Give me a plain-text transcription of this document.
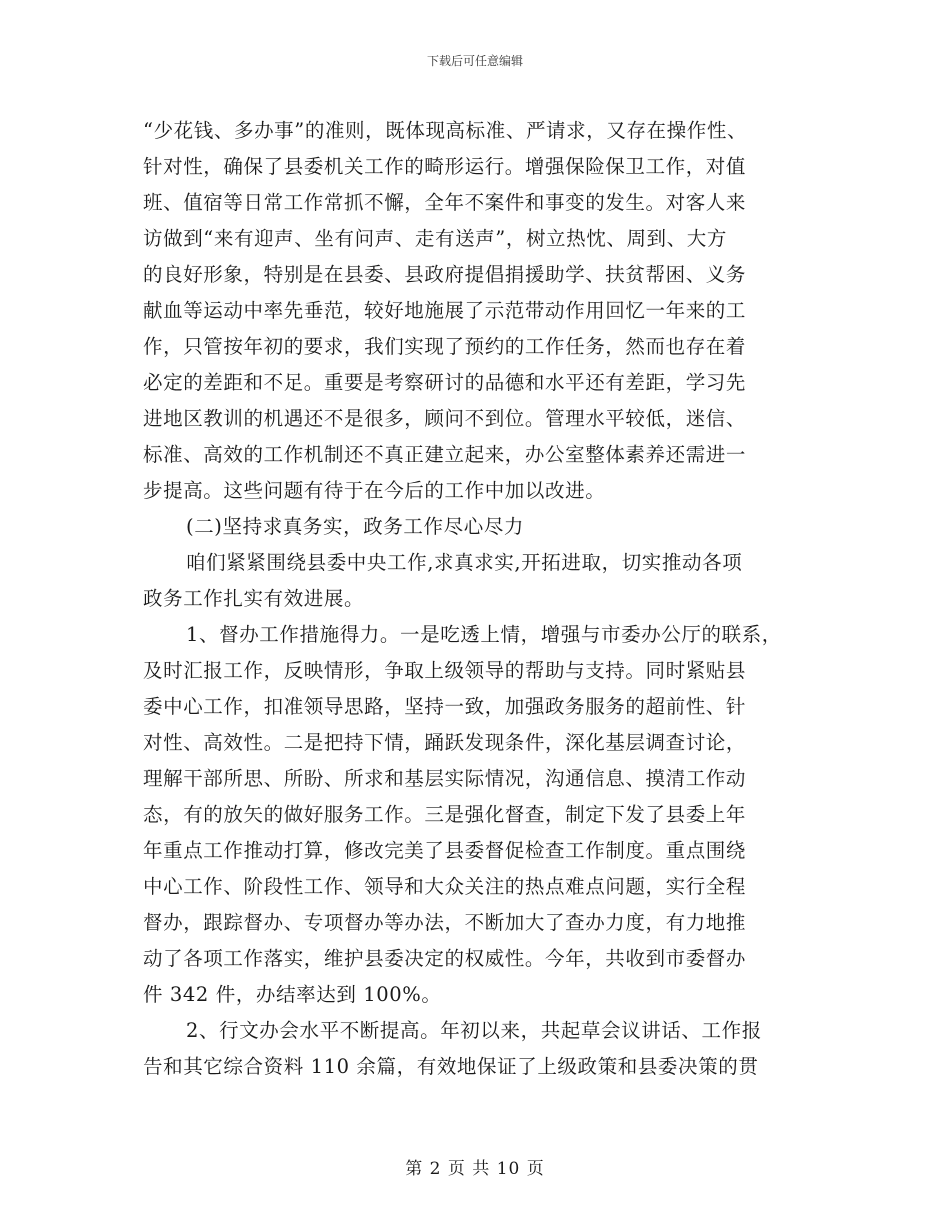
下载后可任意编辑
“少花钱、多办事”的准则，既体现高标准、严请求，又存在操作性、
针对性，确保了县委机关工作的畸形运行。增强保险保卫工作，对值
班、值宿等日常工作常抓不懈，全年不案件和事变的发生。对客人来
访做到“来有迎声、坐有问声、走有送声”，树立热忱、周到、大方
的良好形象，特别是在县委、县政府提倡捐援助学、扶贫帮困、义务
献血等运动中率先垂范，较好地施展了示范带动作用回忆一年来的工
作，只管按年初的要求，我们实现了预约的工作任务，然而也存在着
必定的差距和不足。重要是考察研讨的品德和水平还有差距，学习先
进地区教训的机遇还不是很多，顾问不到位。管理水平较低，迷信、
标准、高效的工作机制还不真正建立起来，办公室整体素养还需进一
步提高。这些问题有待于在今后的工作中加以改进。
(二)坚持求真务实，政务工作尽心尽力
咱们紧紧围绕县委中央工作,求真求实,开拓进取，切实推动各项
政务工作扎实有效进展。
1、督办工作措施得力。一是吃透上情，增强与市委办公厅的联系，
及时汇报工作，反映情形，争取上级领导的帮助与支持。同时紧贴县
委中心工作，扣准领导思路，坚持一致，加强政务服务的超前性、针
对性、高效性。二是把持下情，踊跃发现条件，深化基层调查讨论，
理解干部所思、所盼、所求和基层实际情况，沟通信息、摸清工作动
态，有的放矢的做好服务工作。三是强化督查，制定下发了县委上年
年重点工作推动打算，修改完美了县委督促检查工作制度。重点围绕
中心工作、阶段性工作、领导和大众关注的热点难点问题，实行全程
督办，跟踪督办、专项督办等办法，不断加大了查办力度，有力地推
动了各项工作落实，维护县委决定的权威性。今年，共收到市委督办
件 342 件，办结率达到 100%。
2、行文办会水平不断提高。年初以来，共起草会议讲话、工作报
告和其它综合资料 110 余篇，有效地保证了上级政策和县委决策的贯
第 2 页 共 10 页
